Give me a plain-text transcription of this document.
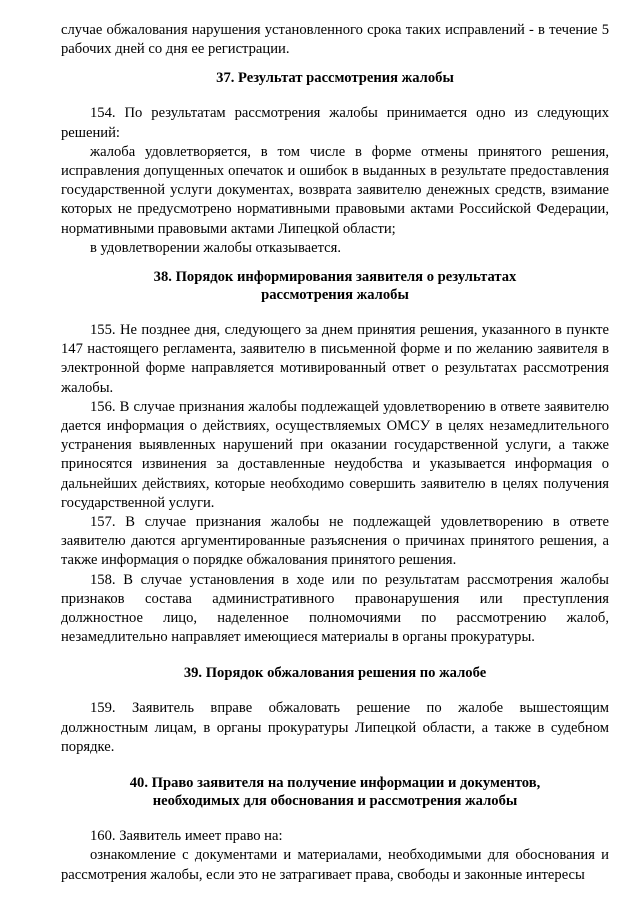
случае обжалования нарушения установленного срока таких исправлений - в течение 5 рабочих дней со дня ее регистрации.

37. Результат рассмотрения жалобы

154. По результатам рассмотрения жалобы принимается одно из следующих решений:

жалоба удовлетворяется, в том числе в форме отмены принятого решения, исправления допущенных опечаток и ошибок в выданных в результате предоставления государственной услуги документах, возврата заявителю денежных средств, взимание которых не предусмотрено нормативными правовыми актами Российской Федерации, нормативными правовыми актами Липецкой области;

в удовлетворении жалобы отказывается.

38. Порядок информирования заявителя о результатах
рассмотрения жалобы

155. Не позднее дня, следующего за днем принятия решения, указанного в пункте 147 настоящего регламента, заявителю в письменной форме и по желанию заявителя в электронной форме направляется мотивированный ответ о результатах рассмотрения жалобы.

156. В случае признания жалобы подлежащей удовлетворению в ответе заявителю дается информация о действиях, осуществляемых ОМСУ в целях незамедлительного устранения выявленных нарушений при оказании государственной услуги, а также приносятся извинения за доставленные неудобства и указывается информация о дальнейших действиях, которые необходимо совершить заявителю в целях получения государственной услуги.

157. В случае признания жалобы не подлежащей удовлетворению в ответе заявителю даются аргументированные разъяснения о причинах принятого решения, а также информация о порядке обжалования принятого решения.

158. В случае установления в ходе или по результатам рассмотрения жалобы признаков состава административного правонарушения или преступления должностное лицо, наделенное полномочиями по рассмотрению жалоб, незамедлительно направляет имеющиеся материалы в органы прокуратуры.

39. Порядок обжалования решения по жалобе

159. Заявитель вправе обжаловать решение по жалобе вышестоящим должностным лицам, в органы прокуратуры Липецкой области, а также в судебном порядке.

40. Право заявителя на получение информации и документов,
необходимых для обоснования и рассмотрения жалобы

160. Заявитель имеет право на:

ознакомление с документами и материалами, необходимыми для обоснования и рассмотрения жалобы, если это не затрагивает права, свободы и законные интересы
